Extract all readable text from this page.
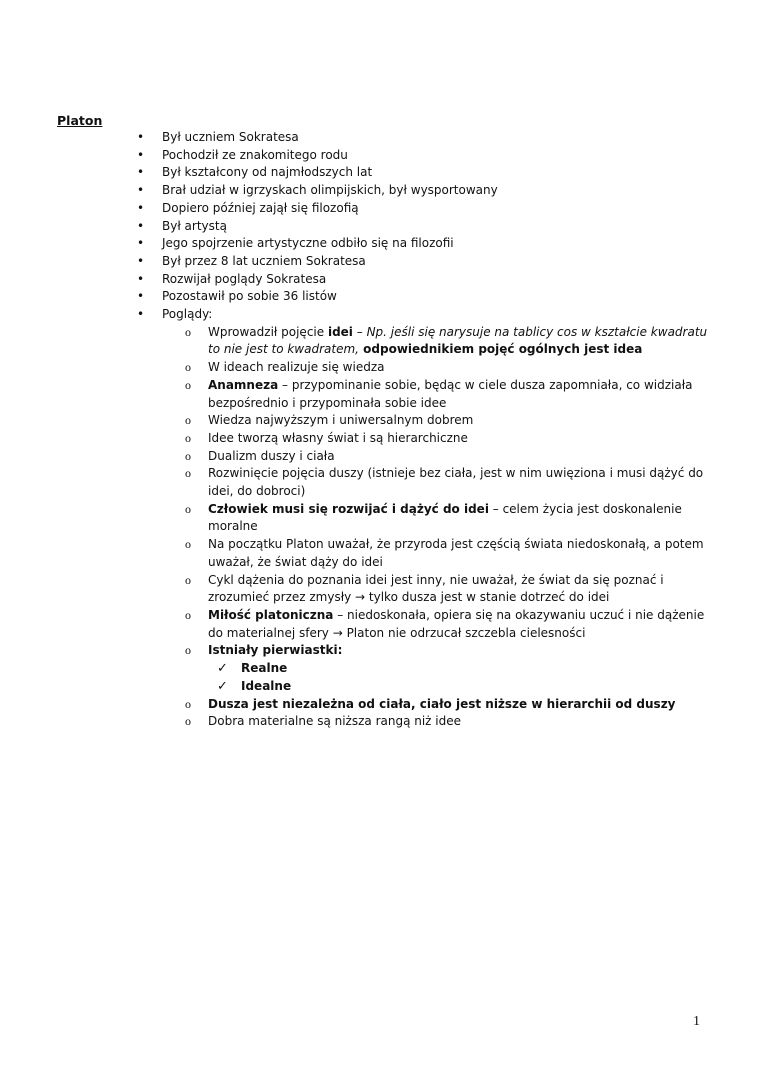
Platon
• Był uczniem Sokratesa
• Pochodził ze znakomitego rodu
• Był kształcony od najmłodszych lat
• Brał udział w igrzyskach olimpijskich, był wysportowany
• Dopiero później zajął się filozofią
• Był artystą
• Jego spojrzenie artystyczne odbiło się na filozofii
• Był przez 8 lat uczniem Sokratesa
• Rozwijał poglądy Sokratesa
• Pozostawił po sobie 36 listów
• Poglądy:
o Wprowadził pojęcie idei – Np. jeśli się narysuje na tablicy cos w kształcie kwadratu to nie jest to kwadratem, odpowiednikiem pojęć ogólnych jest idea
o W ideach realizuje się wiedza
o Anamneza – przypominanie sobie, będąc w ciele dusza zapomniała, co widziała bezpośrednio i przypominała sobie idee
o Wiedza najwyższym i uniwersalnym dobrem
o Idee tworzą własny świat i są hierarchiczne
o Dualizm duszy i ciała
o Rozwinięcie pojęcia duszy (istnieje bez ciała, jest w nim uwięziona i musi dążyć do idei, do dobroci)
o Człowiek musi się rozwijać i dążyć do idei – celem życia jest doskonalenie moralne
o Na początku Platon uważał, że przyroda jest częścią świata niedoskonałą, a potem uważał, że świat dąży do idei
o Cykl dążenia do poznania idei jest inny, nie uważał, że świat da się poznać i zrozumieć przez zmysły → tylko dusza jest w stanie dotrzeć do idei
o Miłość platoniczna – niedoskonała, opiera się na okazywaniu uczuć i nie dążenie do materialnej sfery → Platon nie odrzucał szczebla cielesności
o Istniały pierwiastki:
✓ Realne
✓ Idealne
o Dusza jest niezależna od ciała, ciało jest niższe w hierarchii od duszy
o Dobra materialne są niższa rangą niż idee
1
